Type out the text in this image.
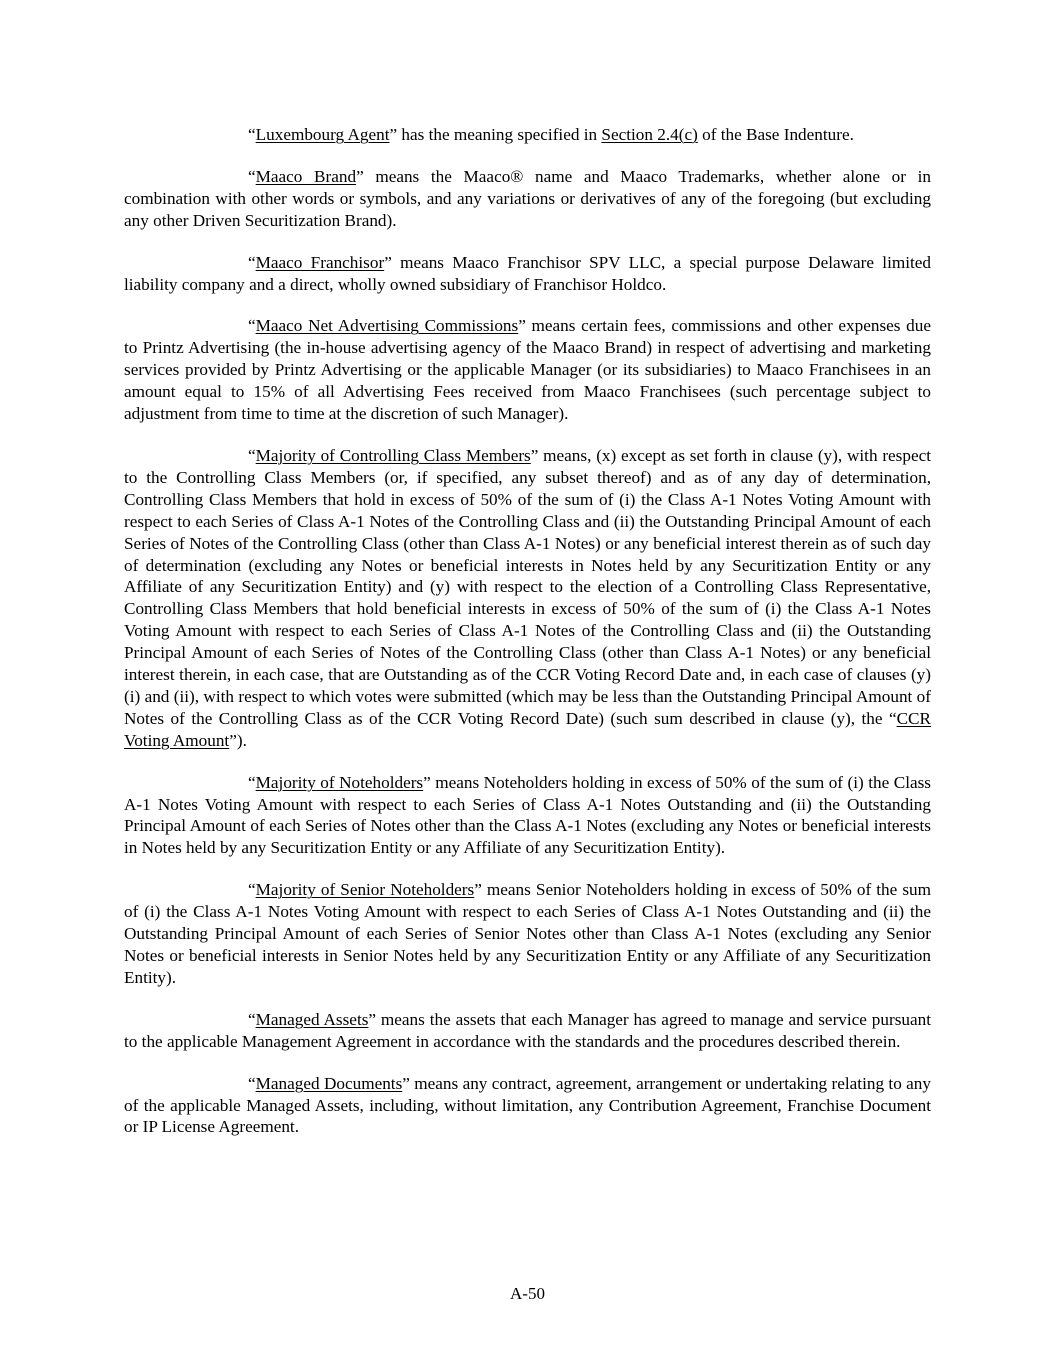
“Luxembourg Agent” has the meaning specified in Section 2.4(c) of the Base Indenture.

“Maaco Brand” means the Maaco® name and Maaco Trademarks, whether alone or in combination with other words or symbols, and any variations or derivatives of any of the foregoing (but excluding any other Driven Securitization Brand).

“Maaco Franchisor” means Maaco Franchisor SPV LLC, a special purpose Delaware limited liability company and a direct, wholly owned subsidiary of Franchisor Holdco.

“Maaco Net Advertising Commissions” means certain fees, commissions and other expenses due to Printz Advertising (the in-house advertising agency of the Maaco Brand) in respect of advertising and marketing services provided by Printz Advertising or the applicable Manager (or its subsidiaries) to Maaco Franchisees in an amount equal to 15% of all Advertising Fees received from Maaco Franchisees (such percentage subject to adjustment from time to time at the discretion of such Manager).

“Majority of Controlling Class Members” means, (x) except as set forth in clause (y), with respect to the Controlling Class Members (or, if specified, any subset thereof) and as of any day of determination, Controlling Class Members that hold in excess of 50% of the sum of (i) the Class A-1 Notes Voting Amount with respect to each Series of Class A-1 Notes of the Controlling Class and (ii) the Outstanding Principal Amount of each Series of Notes of the Controlling Class (other than Class A-1 Notes) or any beneficial interest therein as of such day of determination (excluding any Notes or beneficial interests in Notes held by any Securitization Entity or any Affiliate of any Securitization Entity) and (y) with respect to the election of a Controlling Class Representative, Controlling Class Members that hold beneficial interests in excess of 50% of the sum of (i) the Class A-1 Notes Voting Amount with respect to each Series of Class A-1 Notes of the Controlling Class and (ii) the Outstanding Principal Amount of each Series of Notes of the Controlling Class (other than Class A-1 Notes) or any beneficial interest therein, in each case, that are Outstanding as of the CCR Voting Record Date and, in each case of clauses (y)(i) and (ii), with respect to which votes were submitted (which may be less than the Outstanding Principal Amount of Notes of the Controlling Class as of the CCR Voting Record Date) (such sum described in clause (y), the “CCR Voting Amount”).

“Majority of Noteholders” means Noteholders holding in excess of 50% of the sum of (i) the Class A-1 Notes Voting Amount with respect to each Series of Class A-1 Notes Outstanding and (ii) the Outstanding Principal Amount of each Series of Notes other than the Class A-1 Notes (excluding any Notes or beneficial interests in Notes held by any Securitization Entity or any Affiliate of any Securitization Entity).

“Majority of Senior Noteholders” means Senior Noteholders holding in excess of 50% of the sum of (i) the Class A-1 Notes Voting Amount with respect to each Series of Class A-1 Notes Outstanding and (ii) the Outstanding Principal Amount of each Series of Senior Notes other than Class A-1 Notes (excluding any Senior Notes or beneficial interests in Senior Notes held by any Securitization Entity or any Affiliate of any Securitization Entity).

“Managed Assets” means the assets that each Manager has agreed to manage and service pursuant to the applicable Management Agreement in accordance with the standards and the procedures described therein.

“Managed Documents” means any contract, agreement, arrangement or undertaking relating to any of the applicable Managed Assets, including, without limitation, any Contribution Agreement, Franchise Document or IP License Agreement.

A-50
